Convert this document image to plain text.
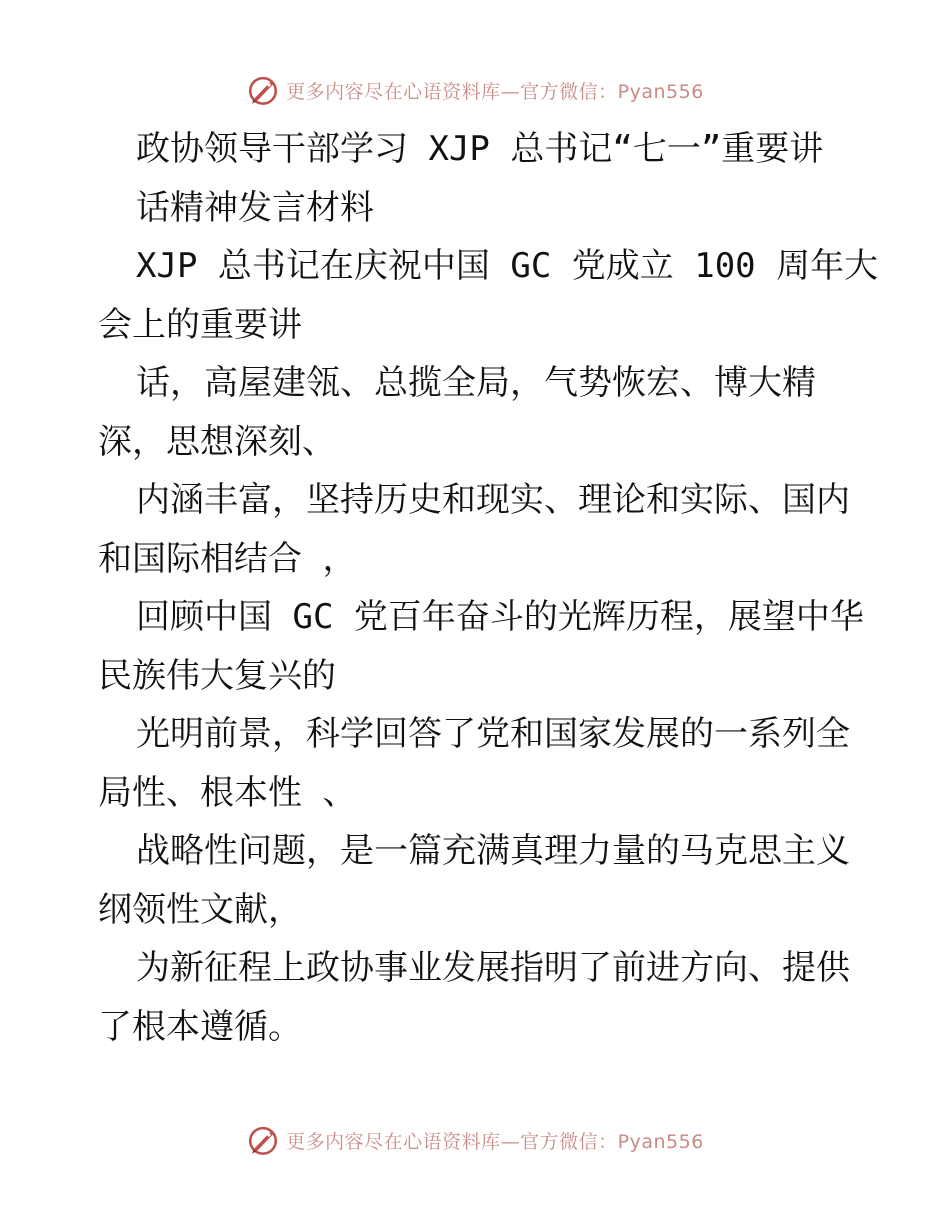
更多内容尽在心语资料库—官方微信：Pyan556
政协领导干部学习 XJP 总书记“七一”重要讲
话精神发言材料
XJP 总书记在庆祝中国 GC 党成立 100 周年大
会上的重要讲
话，高屋建瓴、总揽全局，气势恢宏、博大精
深，思想深刻、
内涵丰富，坚持历史和现实、理论和实际、国内
和国际相结合 ，
回顾中国 GC 党百年奋斗的光辉历程，展望中华
民族伟大复兴的
光明前景，科学回答了党和国家发展的一系列全
局性、根本性 、
战略性问题，是一篇充满真理力量的马克思主义
纲领性文献，
为新征程上政协事业发展指明了前进方向、提供
了根本遵循。
更多内容尽在心语资料库—官方微信：Pyan556
